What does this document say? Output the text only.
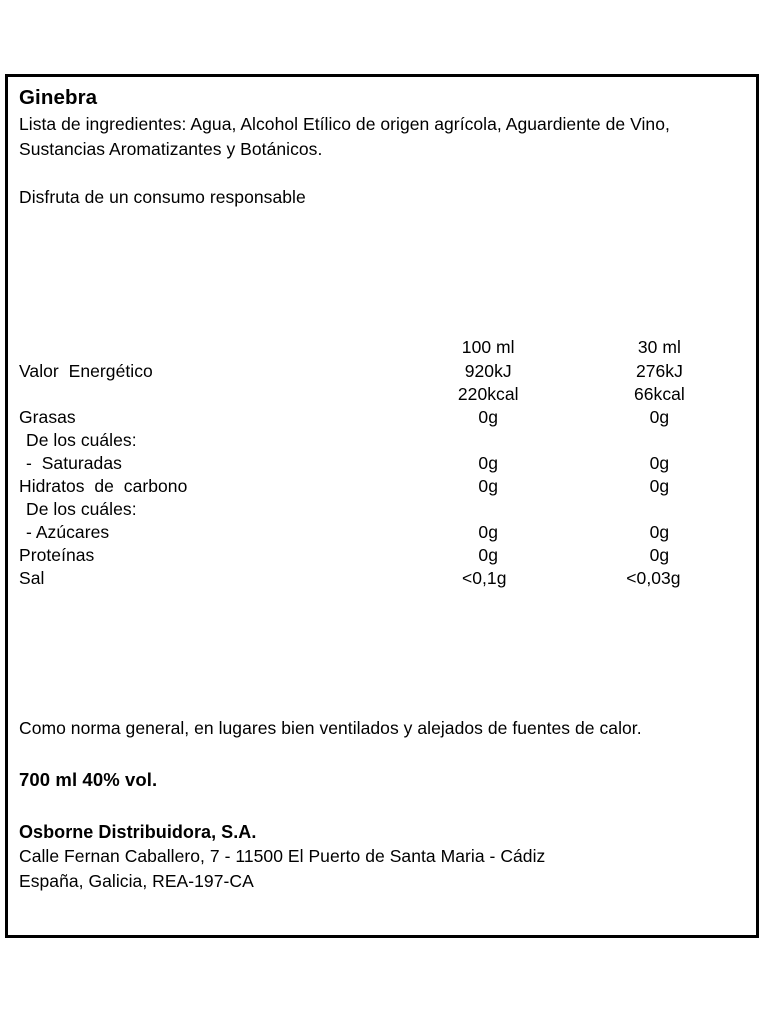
Ginebra
Lista de ingredientes: Agua, Alcohol Etílico de origen agrícola, Aguardiente de Vino, Sustancias Aromatizantes y Botánicos.
Disfruta de un consumo responsable
	100 ml	30 ml
Valor  Energético	920kJ	276kJ
	220kcal	66kcal
Grasas	0g	0g
De los cuáles:		
-  Saturadas	0g	0g
Hidratos  de  carbono	0g	0g
De los cuáles:		
- Azúcares	0g	0g
Proteínas	0g	0g
Sal	<0,1g	<0,03g
Como norma general, en lugares bien ventilados y alejados de fuentes de calor.
700 ml 40% vol.
Osborne Distribuidora, S.A.
Calle Fernan Caballero, 7 - 11500 El Puerto de Santa Maria - Cádiz
España, Galicia, REA-197-CA
